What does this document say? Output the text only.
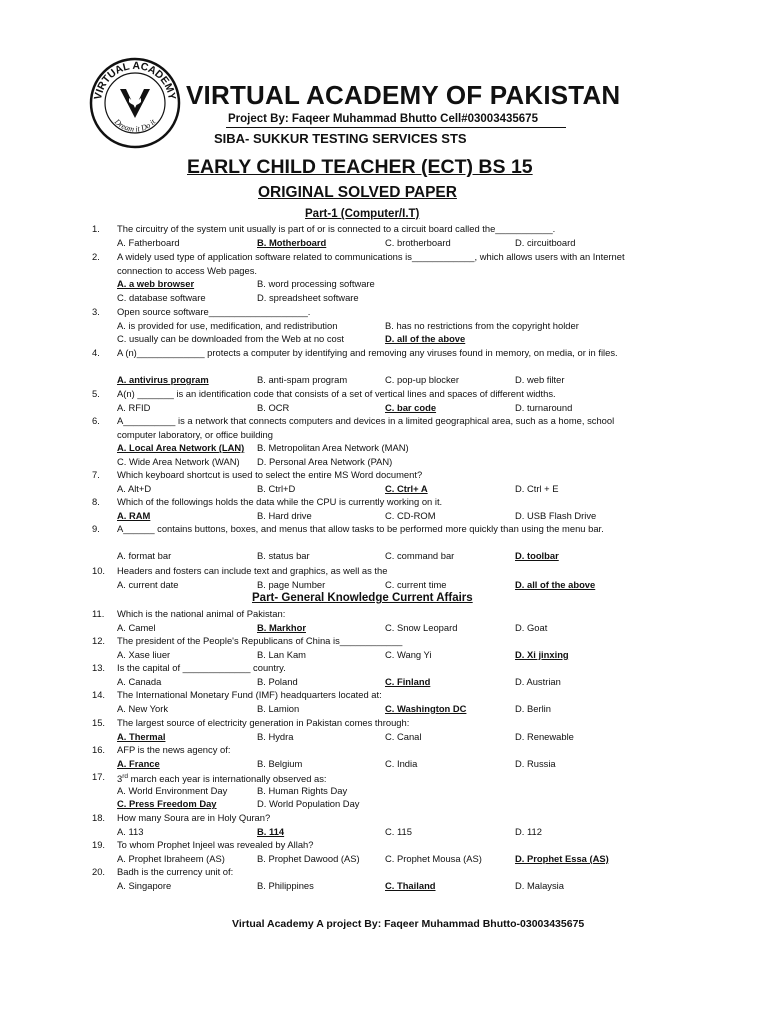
VIRTUAL ACADEMY
Dream it Do it
VIRTUAL ACADEMY OF PAKISTAN
Project By: Faqeer Muhammad Bhutto Cell#03003435675
SIBA- SUKKUR TESTING SERVICES STS
EARLY CHILD TEACHER (ECT) BS 15
ORIGINAL SOLVED PAPER
Part-1 (Computer/I.T)
Part- General Knowledge Current Affairs
1.	The circuitry of the system unit usually is part of or is connected to a circuit board called the___________.
A. Fatherboard	B. Motherboard	C. brotherboard	D. circuitboard
2.	A widely used type of application software related to communications is____________, which allows users with an Internet connection to access Web pages.
A. a web browser	B. word processing software
C. database software	D. spreadsheet software
3.	Open source software___________________.
A. is provided for use, medification, and redistribution	B. has no restrictions from the copyright holder
C. usually can be downloaded from the Web at no cost	D. all of the above
4.	A (n)_____________ protects a computer by identifying and removing any viruses found in memory, on media, or in files.
A. antivirus program	B. anti-spam program	C. pop-up blocker	D. web filter
5.	A(n) _______ is an identification code that consists of a set of vertical lines and spaces of different widths.
A. RFID	B. OCR	C. bar code	D. turnaround
6.	A__________ is a network that connects computers and devices in a limited geographical area, such as a home, school computer laboratory, or office building
A. Local Area Network (LAN) B. Metropolitan Area Network (MAN)
C. Wide Area Network (WAN) D. Personal Area Network (PAN)
7.	Which keyboard shortcut is used to select the entire MS Word document?
A. Alt+D	B. Ctrl+D	C. Ctrl+ A	D. Ctrl + E
8.	Which of the followings holds the data while the CPU is currently working on it.
A. RAM	B. Hard drive	C. CD-ROM	D. USB Flash Drive
9.	A______ contains buttons, boxes, and menus that allow tasks to be performed more quickly than using the menu bar.
A. format bar	B. status bar	C. command bar	D. toolbar
10.	Headers and fosters can include text and graphics, as well as the
A. current date	B. page Number	C. current time	D. all of the above
11.	Which is the national animal of Pakistan:
A. Camel	B. Markhor	C. Snow Leopard	D. Goat
12.	The president of the People's Republicans of China is____________
A. Xase liuer	B. Lan Kam	C. Wang Yi	D. Xi jinxing
13.	Is the capital of _____________ country.
A. Canada	B. Poland	C. Finland	D. Austrian
14.	The International Monetary Fund (IMF) headquarters located at:
A. New York	B. Lamion	C. Washington DC	D. Berlin
15.	The largest source of electricity generation in Pakistan comes through:
A. Thermal	B. Hydra	C. Canal	D. Renewable
16.	AFP is the news agency of:
A. France	B. Belgium	C. India	D. Russia
17.	3rd march each year is internationally observed as:
A. World Environment Day	B. Human Rights Day
C. Press Freedom Day	D. World Population Day
18.	How many Soura are in Holy Quran?
A. 113	B. 114	C. 115	D. 112
19.	To whom Prophet Injeel was revealed by Allah?
A. Prophet Ibraheem (AS)	B. Prophet Dawood (AS)	C. Prophet Mousa (AS)	D. Prophet Essa (AS)
20.	Badh is the currency unit of:
A. Singapore	B. Philippines	C. Thailand	D. Malaysia
Virtual Academy A project By: Faqeer Muhammad Bhutto-03003435675
